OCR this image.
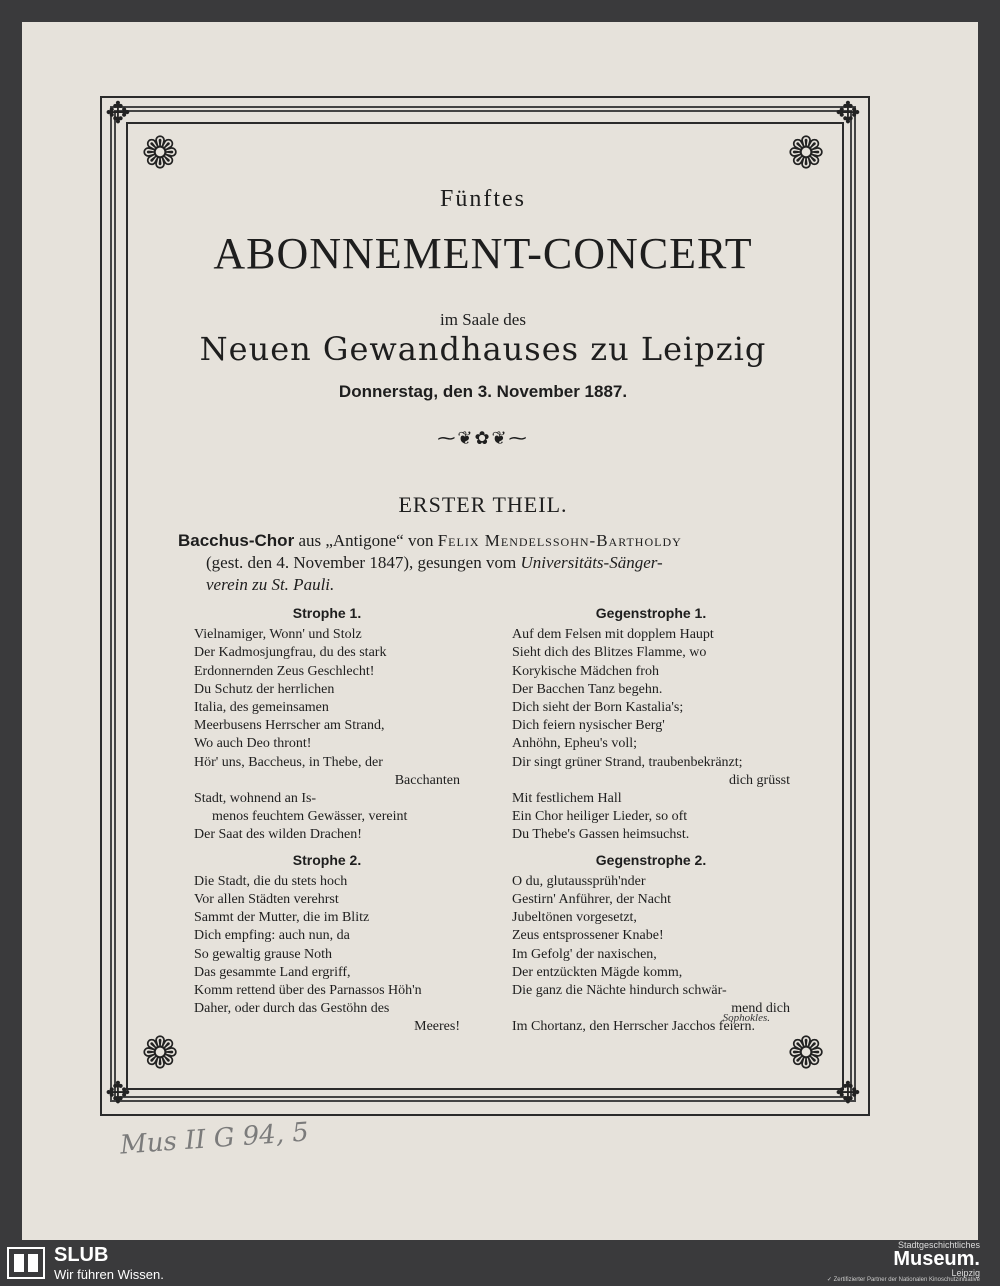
✥	✥
✥	✥
❁	❁
❁	❁
Fünftes
ABONNEMENT-CONCERT
im Saale des
Neuen Gewandhauses zu Leipzig
Donnerstag, den 3. November 1887.
⁓❦✿❦⁓
ERSTER THEIL.
Bacchus-Chor aus „Antigone“ von Felix Mendelssohn-Bartholdy
(gest. den 4. November 1847), gesungen vom Universitäts-Sänger-
verein zu St. Pauli.
Strophe 1.
Vielnamiger, Wonn' und Stolz
Der Kadmosjungfrau, du des stark
Erdonnernden Zeus Geschlecht!
Du Schutz der herrlichen
Italia, des gemeinsamen
Meerbusens Herrscher am Strand,
Wo auch Deo thront!
Hör' uns, Baccheus, in Thebe, der
Bacchanten
Stadt, wohnend an Is-
menos feuchtem Gewässer, vereint
Der Saat des wilden Drachen!
Strophe 2.
Die Stadt, die du stets hoch
Vor allen Städten verehrst
Sammt der Mutter, die im Blitz
Dich empfing: auch nun, da
So gewaltig grause Noth
Das gesammte Land ergriff,
Komm rettend über des Parnassos Höh'n
Daher, oder durch das Gestöhn des
Meeres!
Gegenstrophe 1.
Auf dem Felsen mit dopplem Haupt
Sieht dich des Blitzes Flamme, wo
Korykische Mädchen froh
Der Bacchen Tanz begehn.
Dich sieht der Born Kastalia's;
Dich feiern nysischer Berg'
Anhöhn, Epheu's voll;
Dir singt grüner Strand, traubenbekränzt;
dich grüsst
Mit festlichem Hall
Ein Chor heiliger Lieder, so oft
Du Thebe's Gassen heimsuchst.
Gegenstrophe 2.
O du, glutaussprüh'nder
Gestirn' Anführer, der Nacht
Jubeltönen vorgesetzt,
Zeus entsprossener Knabe!
Im Gefolg' der naxischen,
Der entzückten Mägde komm,
Die ganz die Nächte hindurch schwär-
mend dich
Im Chortanz, den Herrscher Jacchos feiern.
Sophokles.
Mus II G 94, 5
SLUB
Wir führen Wissen.
Stadtgeschichtliches
Museum.
Leipzig
✓ Zertifizierter Partner der Nationalen Kinoschutzinitiative
